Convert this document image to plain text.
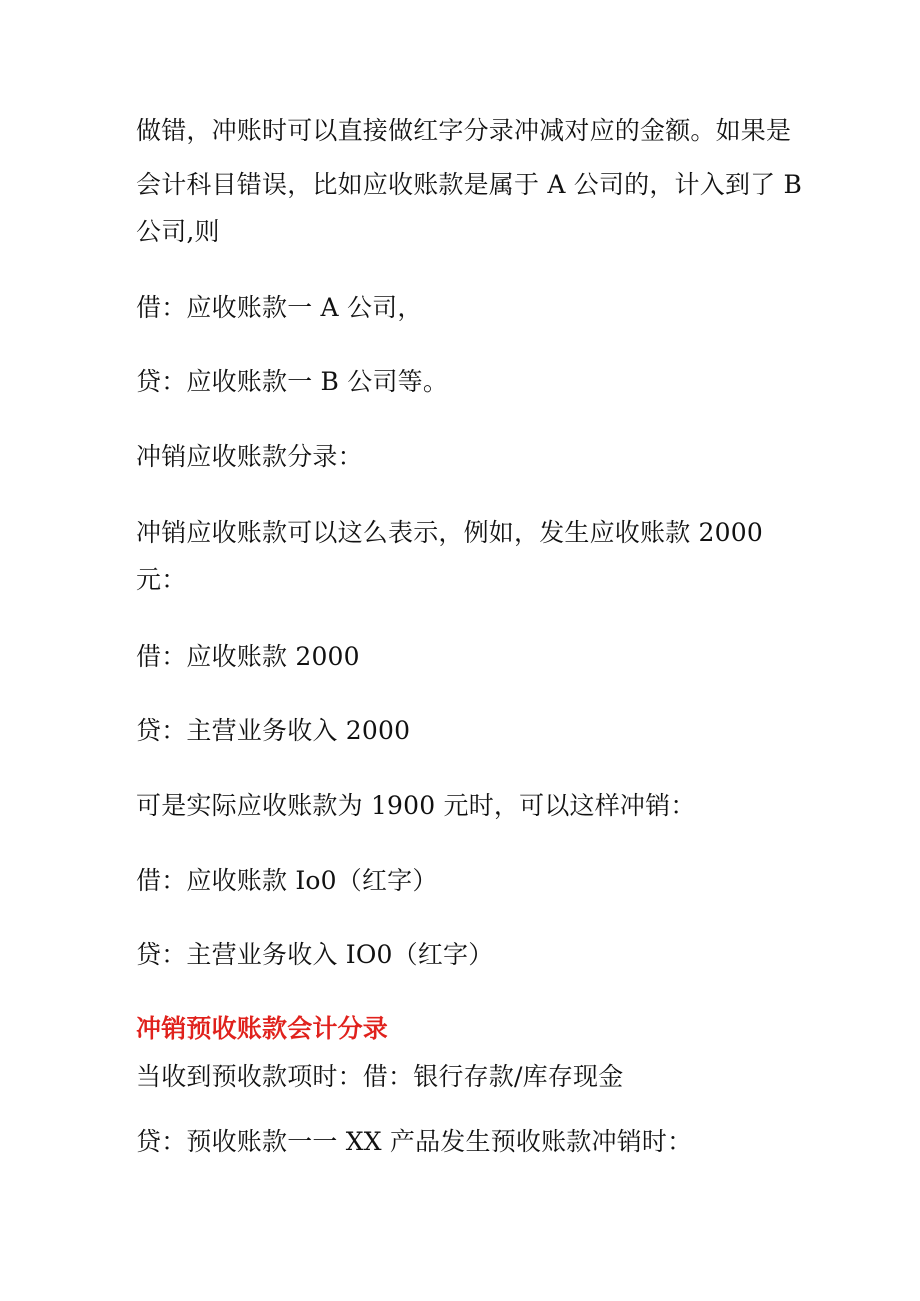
做错，冲账时可以直接做红字分录冲减对应的金额。如果是
会计科目错误，比如应收账款是属于 A 公司的，计入到了 B
公司,则
借：应收账款一 A 公司，
贷：应收账款一 B 公司等。
冲销应收账款分录：
冲销应收账款可以这么表示，例如，发生应收账款 2000
元：
借：应收账款 2000
贷：主营业务收入 2000
可是实际应收账款为 1900 元时，可以这样冲销：
借：应收账款 Io0（红字）
贷：主营业务收入 IO0（红字）
冲销预收账款会计分录
当收到预收款项时：借：银行存款/库存现金
贷：预收账款一一 XX 产品发生预收账款冲销时：
